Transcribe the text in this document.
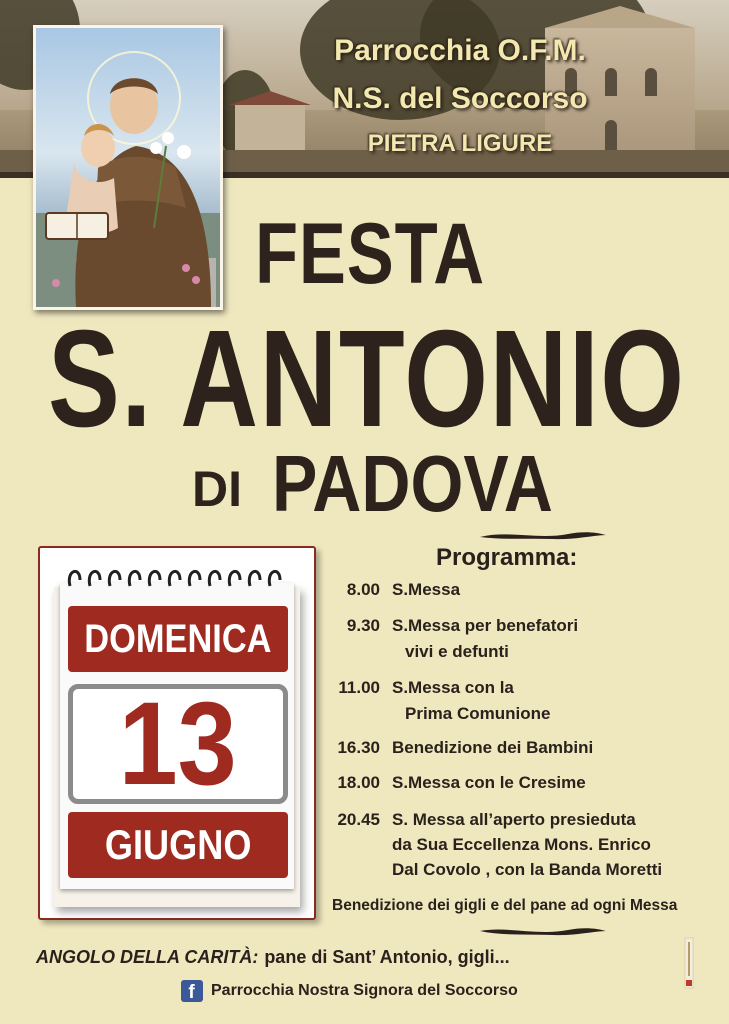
Parrocchia O.F.M.
N.S. del Soccorso
PIETRA LIGURE
FESTA
S. ANTONIO
DI PADOVA
DOMENICA
13
GIUGNO
Programma:
8.00 S.Messa
9.30 S.Messa per benefatori
vivi e defunti
11.00 S.Messa con la
Prima Comunione
16.30 Benedizione dei Bambini
18.00 S.Messa con le Cresime
20.45 S. Messa all’aperto presieduta
da Sua Eccellenza Mons. Enrico
Dal Covolo , con la Banda Moretti
Benedizione dei gigli e del pane ad ogni Messa
ANGOLO DELLA CARITÀ: pane di Sant’ Antonio, gigli...
f	Parrocchia Nostra Signora del Soccorso
